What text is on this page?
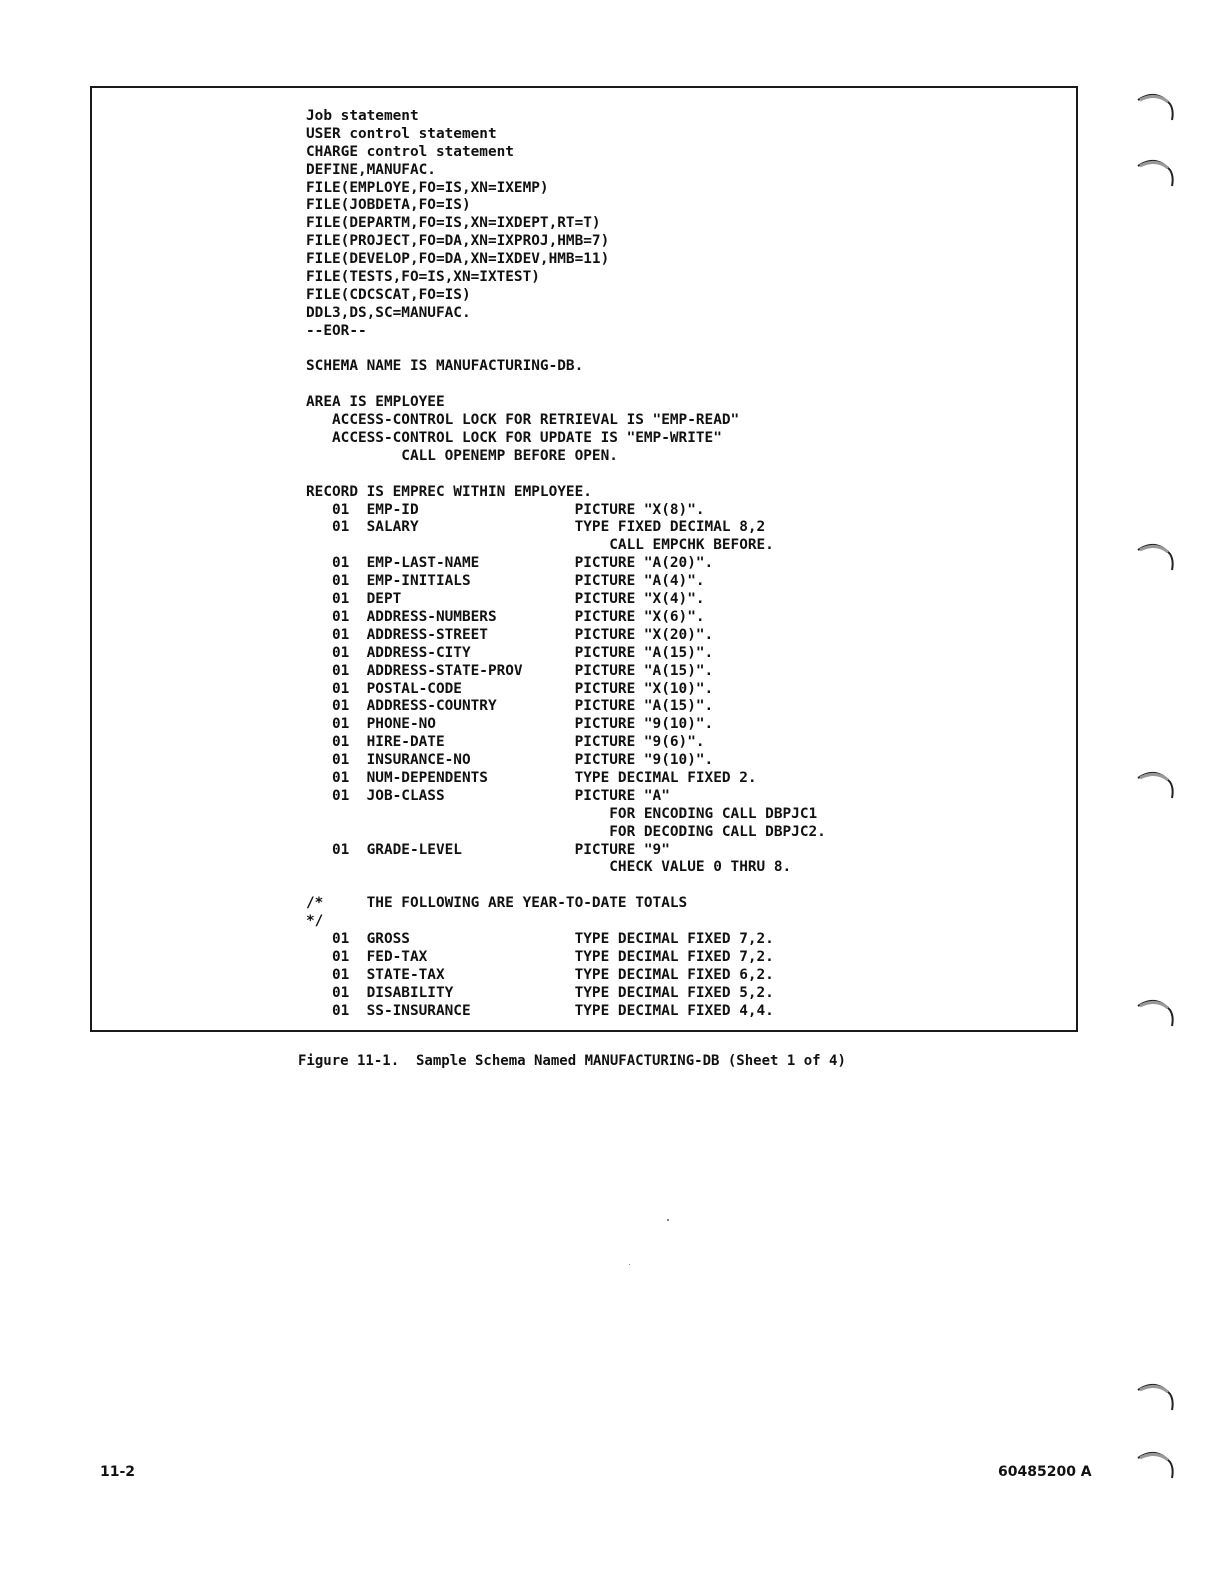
Job statement
USER control statement
CHARGE control statement
DEFINE,MANUFAC.
FILE(EMPLOYE,FO=IS,XN=IXEMP)
FILE(JOBDETA,FO=IS)
FILE(DEPARTM,FO=IS,XN=IXDEPT,RT=T)
FILE(PROJECT,FO=DA,XN=IXPROJ,HMB=7)
FILE(DEVELOP,FO=DA,XN=IXDEV,HMB=11)
FILE(TESTS,FO=IS,XN=IXTEST)
FILE(CDCSCAT,FO=IS)
DDL3,DS,SC=MANUFAC.
--EOR--
SCHEMA NAME IS MANUFACTURING-DB.
AREA IS EMPLOYEE
ACCESS-CONTROL LOCK FOR RETRIEVAL IS "EMP-READ"
ACCESS-CONTROL LOCK FOR UPDATE IS "EMP-WRITE"
CALL OPENEMP BEFORE OPEN.
RECORD IS EMPREC WITHIN EMPLOYEE.
01  EMP-ID                  PICTURE "X(8)".
01  SALARY                  TYPE FIXED DECIMAL 8,2
CALL EMPCHK BEFORE.
01  EMP-LAST-NAME           PICTURE "A(20)".
01  EMP-INITIALS            PICTURE "A(4)".
01  DEPT                    PICTURE "X(4)".
01  ADDRESS-NUMBERS         PICTURE "X(6)".
01  ADDRESS-STREET          PICTURE "X(20)".
01  ADDRESS-CITY            PICTURE "A(15)".
01  ADDRESS-STATE-PROV      PICTURE "A(15)".
01  POSTAL-CODE             PICTURE "X(10)".
01  ADDRESS-COUNTRY         PICTURE "A(15)".
01  PHONE-NO                PICTURE "9(10)".
01  HIRE-DATE               PICTURE "9(6)".
01  INSURANCE-NO            PICTURE "9(10)".
01  NUM-DEPENDENTS          TYPE DECIMAL FIXED 2.
01  JOB-CLASS               PICTURE "A"
FOR ENCODING CALL DBPJC1
FOR DECODING CALL DBPJC2.
01  GRADE-LEVEL             PICTURE "9"
CHECK VALUE 0 THRU 8.
/*     THE FOLLOWING ARE YEAR-TO-DATE TOTALS
*/
01  GROSS                   TYPE DECIMAL FIXED 7,2.
01  FED-TAX                 TYPE DECIMAL FIXED 7,2.
01  STATE-TAX               TYPE DECIMAL FIXED 6,2.
01  DISABILITY              TYPE DECIMAL FIXED 5,2.
01  SS-INSURANCE            TYPE DECIMAL FIXED 4,4.
Figure 11-1.  Sample Schema Named MANUFACTURING-DB (Sheet 1 of 4)
11-2	60485200 A
